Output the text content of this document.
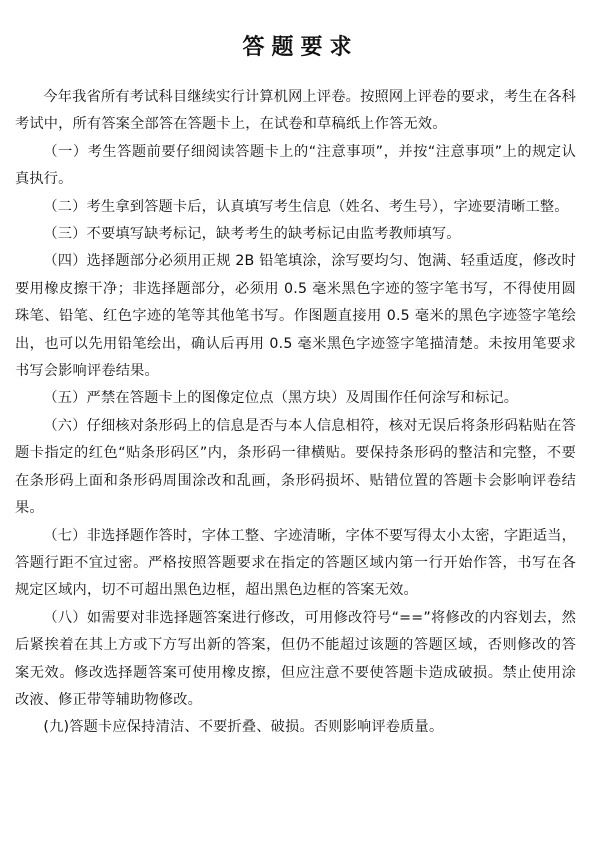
答题要求

今年我省所有考试科目继续实行计算机网上评卷。按照网上评卷的要求，考生在各科考试中，所有答案全部答在答题卡上，在试卷和草稿纸上作答无效。

（一）考生答题前要仔细阅读答题卡上的“注意事项”，并按“注意事项”上的规定认真执行。

（二）考生拿到答题卡后，认真填写考生信息（姓名、考生号），字迹要清晰工整。

（三）不要填写缺考标记，缺考考生的缺考标记由监考教师填写。

（四）选择题部分必须用正规 2B 铅笔填涂，涂写要均匀、饱满、轻重适度，修改时要用橡皮擦干净；非选择题部分，必须用 0.5 毫米黑色字迹的签字笔书写，不得使用圆珠笔、铅笔、红色字迹的笔等其他笔书写。作图题直接用 0.5 毫米的黑色字迹签字笔绘出，也可以先用铅笔绘出，确认后再用 0.5 毫米黑色字迹签字笔描清楚。未按用笔要求书写会影响评卷结果。

（五）严禁在答题卡上的图像定位点（黑方块）及周围作任何涂写和标记。

（六）仔细核对条形码上的信息是否与本人信息相符，核对无误后将条形码粘贴在答题卡指定的红色“贴条形码区”内，条形码一律横贴。要保持条形码的整洁和完整，不要在条形码上面和条形码周围涂改和乱画，条形码损坏、贴错位置的答题卡会影响评卷结果。

（七）非选择题作答时，字体工整、字迹清晰，字体不要写得太小太密，字距适当，答题行距不宜过密。严格按照答题要求在指定的答题区域内第一行开始作答，书写在各规定区域内，切不可超出黑色边框，超出黑色边框的答案无效。

（八）如需要对非选择题答案进行修改，可用修改符号“==”将修改的内容划去，然后紧挨着在其上方或下方写出新的答案，但仍不能超过该题的答题区域，否则修改的答案无效。修改选择题答案可使用橡皮擦，但应注意不要使答题卡造成破损。禁止使用涂改液、修正带等辅助物修改。

(九)答题卡应保持清洁、不要折叠、破损。否则影响评卷质量。
